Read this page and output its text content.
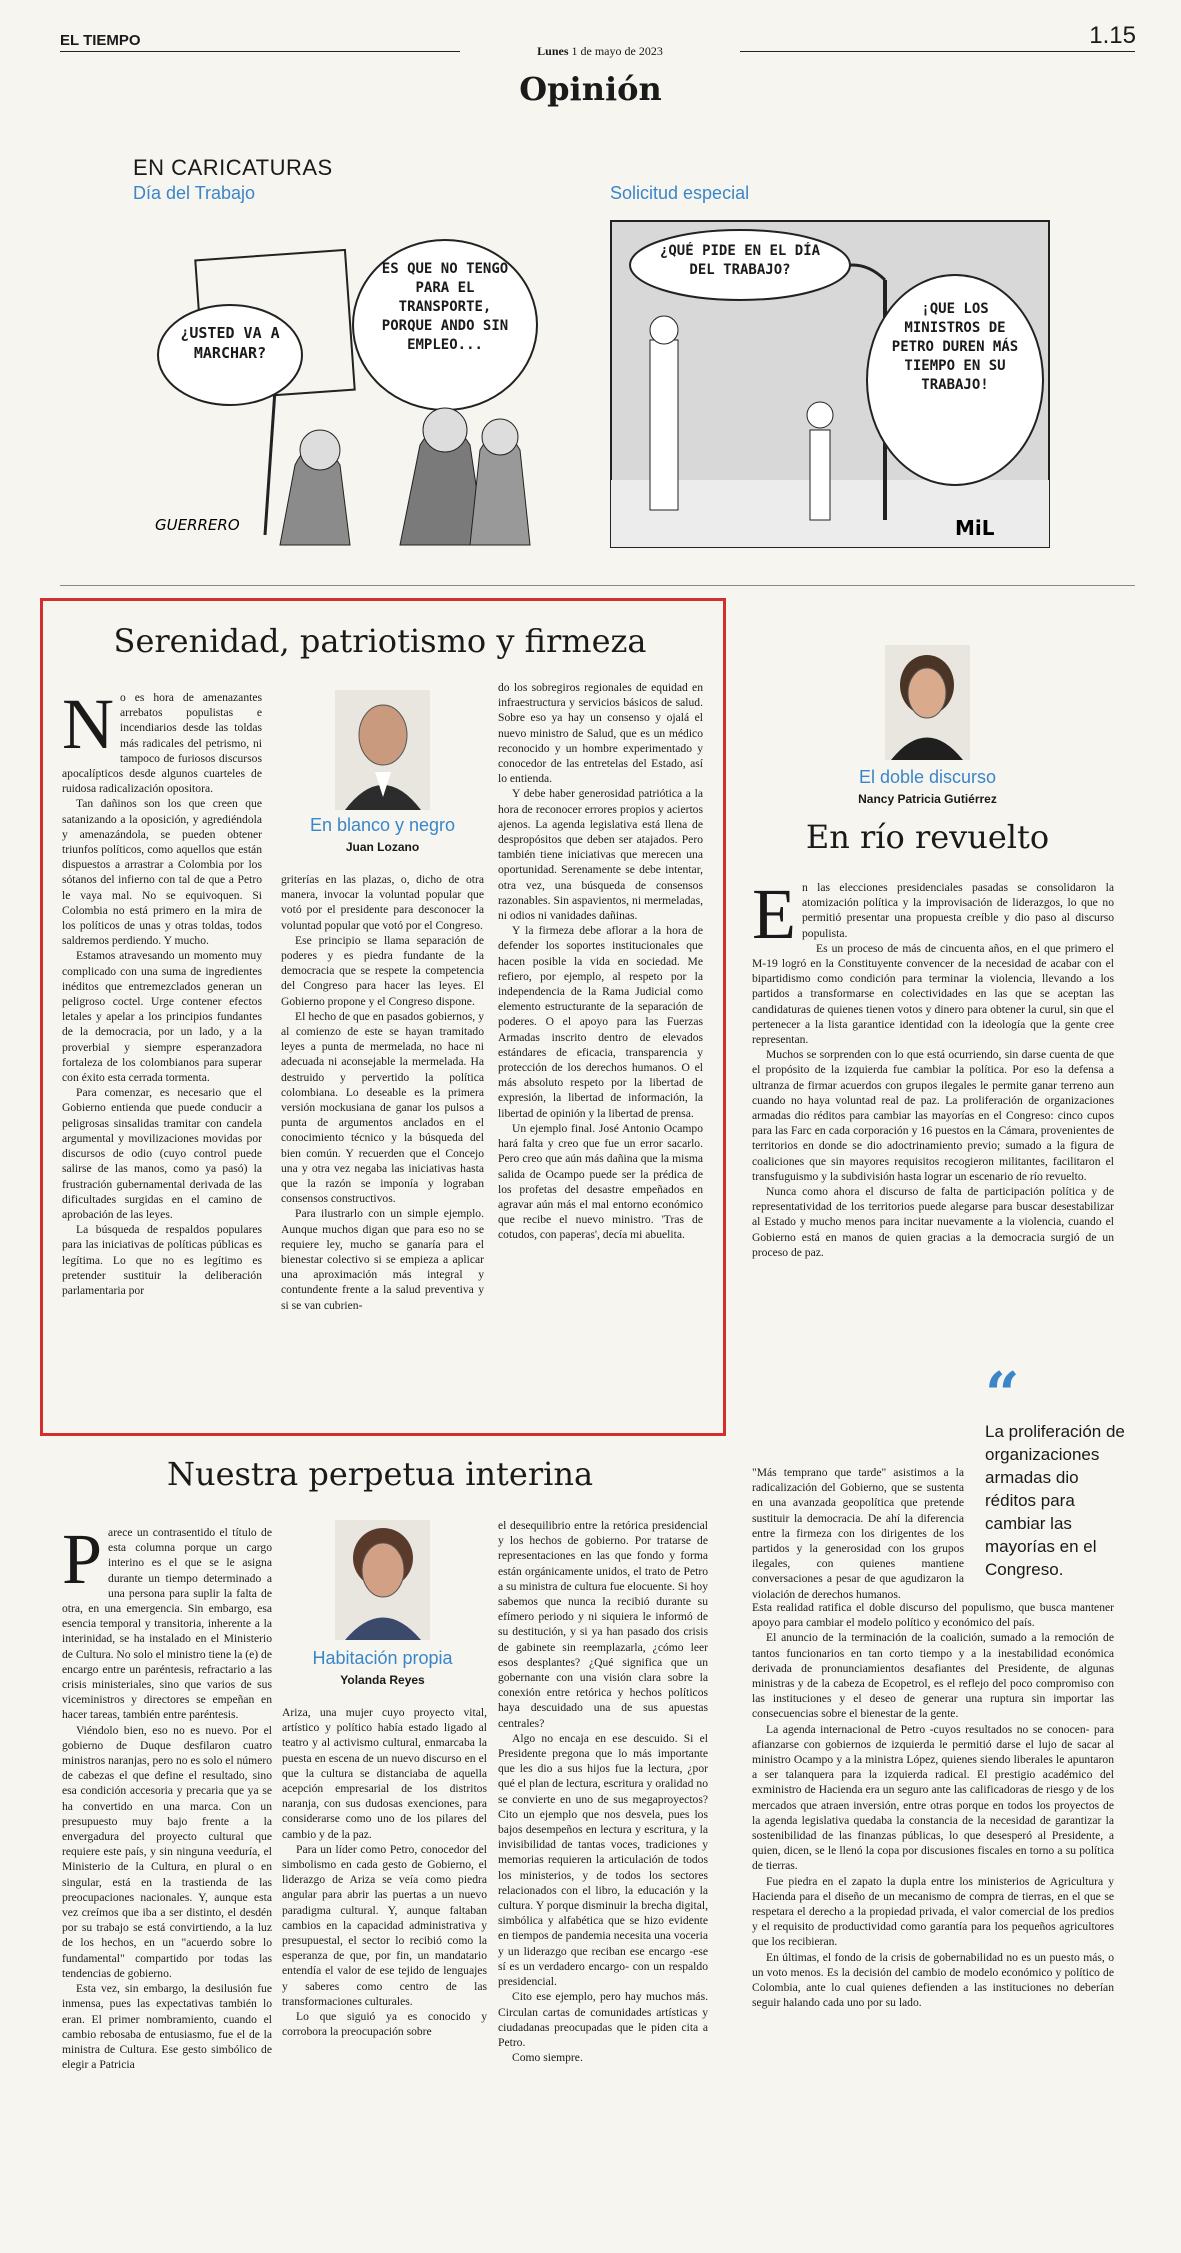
EL TIEMPO
Lunes 1 de mayo de 2023
1.15
Opinión
EN CARICATURAS
Día del Trabajo	Solicitud especial
¿USTED VA A MARCHAR?
ES QUE NO TENGO PARA EL TRANSPORTE, PORQUE ANDO SIN EMPLEO...
GUERRERO
¿QUÉ PIDE EN EL DÍA DEL TRABAJO?
¡QUE LOS MINISTROS DE PETRO DUREN MÁS TIEMPO EN SU TRABAJO!
MiL
Serenidad, patriotismo y firmeza
N o es hora de amenazantes arrebatos populistas e incendiarios desde las toldas más radicales del petrismo, ni tampoco de furiosos discursos apocalípticos desde algunos cuarteles de ruidosa radicalización opositora.

Tan dañinos son los que creen que satanizando a la oposición, y agrediéndola y amenazándola, se pueden obtener triunfos políticos, como aquellos que están dispuestos a arrastrar a Colombia por los sótanos del infierno con tal de que a Petro le vaya mal. No se equivoquen. Si Colombia no está primero en la mira de los políticos de unas y otras toldas, todos saldremos perdiendo. Y mucho.

Estamos atravesando un momento muy complicado con una suma de ingredientes inéditos que entremezclados generan un peligroso coctel. Urge contener efectos letales y apelar a los principios fundantes de la democracia, por un lado, y a la proverbial y siempre esperanzadora fortaleza de los colombianos para superar con éxito esta cerrada tormenta.

Para comenzar, es necesario que el Gobierno entienda que puede conducir a peligrosas sinsalidas tramitar con candela argumental y movilizaciones movidas por discursos de odio (cuyo control puede salirse de las manos, como ya pasó) la frustración gubernamental derivada de las dificultades surgidas en el camino de aprobación de las leyes.

La búsqueda de respaldos populares para las iniciativas de políticas públicas es legítima. Lo que no es legítimo es pretender sustituir la deliberación parlamentaria por

En blanco y negro
Juan Lozano

griterías en las plazas, o, dicho de otra manera, invocar la voluntad popular que votó por el presidente para desconocer la voluntad popular que votó por el Congreso.

Ese principio se llama separación de poderes y es piedra fundante de la democracia que se respete la competencia del Congreso para hacer las leyes. El Gobierno propone y el Congreso dispone.

El hecho de que en pasados gobiernos, y al comienzo de este se hayan tramitado leyes a punta de mermelada, no hace ni adecuada ni aconsejable la mermelada. Ha destruido y pervertido la política colombiana. Lo deseable es la primera versión mockusiana de ganar los pulsos a punta de argumentos anclados en el conocimiento técnico y la búsqueda del bien común. Y recuerden que el Concejo una y otra vez negaba las iniciativas hasta que la razón se imponía y lograban consensos constructivos.

Para ilustrarlo con un simple ejemplo. Aunque muchos digan que para eso no se requiere ley, mucho se ganaría para el bienestar colectivo si se empieza a aplicar una aproximación más integral y contundente frente a la salud preventiva y si se van cubrien-

do los sobregiros regionales de equidad en infraestructura y servicios básicos de salud. Sobre eso ya hay un consenso y ojalá el nuevo ministro de Salud, que es un médico reconocido y un hombre experimentado y conocedor de las entretelas del Estado, así lo entienda.

Y debe haber generosidad patriótica a la hora de reconocer errores propios y aciertos ajenos. La agenda legislativa está llena de despropósitos que deben ser atajados. Pero también tiene iniciativas que merecen una oportunidad. Serenamente se debe intentar, otra vez, una búsqueda de consensos razonables. Sin aspavientos, ni mermeladas, ni odios ni vanidades dañinas.

Y la firmeza debe aflorar a la hora de defender los soportes institucionales que hacen posible la vida en sociedad. Me refiero, por ejemplo, al respeto por la independencia de la Rama Judicial como elemento estructurante de la separación de poderes. O el apoyo para las Fuerzas Armadas inscrito dentro de elevados estándares de eficacia, transparencia y protección de los derechos humanos. O el más absoluto respeto por la libertad de expresión, la libertad de información, la libertad de opinión y la libertad de prensa.

Un ejemplo final. José Antonio Ocampo hará falta y creo que fue un error sacarlo. Pero creo que aún más dañina que la misma salida de Ocampo puede ser la prédica de los profetas del desastre empeñados en agravar aún más el mal entorno económico que recibe el nuevo ministro. 'Tras de cotudos, con paperas', decía mi abuelita.

Nuestra perpetua interina
P arece un contrasentido el título de esta columna porque un cargo interino es el que se le asigna durante un tiempo determinado a una persona para suplir la falta de otra, en una emergencia. Sin embargo, esa esencia temporal y transitoria, inherente a la interinidad, se ha instalado en el Ministerio de Cultura. No solo el ministro tiene la (e) de encargo entre un paréntesis, refractario a las crisis ministeriales, sino que varios de sus viceministros y directores se empeñan en hacer tareas, también entre paréntesis.

Viéndolo bien, eso no es nuevo. Por el gobierno de Duque desfilaron cuatro ministros naranjas, pero no es solo el número de cabezas el que define el resultado, sino esa condición accesoria y precaria que ya se ha convertido en una marca. Con un presupuesto muy bajo frente a la envergadura del proyecto cultural que requiere este país, y sin ninguna veeduría, el Ministerio de la Cultura, en plural o en singular, está en la trastienda de las preocupaciones nacionales. Y, aunque esta vez creímos que iba a ser distinto, el desdén por su trabajo se está convirtiendo, a la luz de los hechos, en un "acuerdo sobre lo fundamental" compartido por todas las tendencias de gobierno.

Esta vez, sin embargo, la desilusión fue inmensa, pues las expectativas también lo eran. El primer nombramiento, cuando el cambio rebosaba de entusiasmo, fue el de la ministra de Cultura. Ese gesto simbólico de elegir a Patricia

Habitación propia
Yolanda Reyes

Ariza, una mujer cuyo proyecto vital, artístico y político había estado ligado al teatro y al activismo cultural, enmarcaba la puesta en escena de un nuevo discurso en el que la cultura se distanciaba de aquella acepción empresarial de los distritos naranja, con sus dudosas exenciones, para considerarse como uno de los pilares del cambio y de la paz.

Para un líder como Petro, conocedor del simbolismo en cada gesto de Gobierno, el liderazgo de Ariza se veía como piedra angular para abrir las puertas a un nuevo paradigma cultural. Y, aunque faltaban cambios en la capacidad administrativa y presupuestal, el sector lo recibió como la esperanza de que, por fin, un mandatario entendía el valor de ese tejido de lenguajes y saberes como centro de las transformaciones culturales.

Lo que siguió ya es conocido y corrobora la preocupación sobre

el desequilibrio entre la retórica presidencial y los hechos de gobierno. Por tratarse de representaciones en las que fondo y forma están orgánicamente unidos, el trato de Petro a su ministra de cultura fue elocuente. Si hoy sabemos que nunca la recibió durante su efímero periodo y ni siquiera le informó de su destitución, y si ya han pasado dos crisis de gabinete sin reemplazarla, ¿cómo leer esos desplantes? ¿Qué significa que un gobernante con una visión clara sobre la conexión entre retórica y hechos políticos haya descuidado una de sus apuestas centrales?

Algo no encaja en ese descuido. Si el Presidente pregona que lo más importante que les dio a sus hijos fue la lectura, ¿por qué el plan de lectura, escritura y oralidad no se convierte en uno de sus megaproyectos? Cito un ejemplo que nos desvela, pues los bajos desempeños en lectura y escritura, y la invisibilidad de tantas voces, tradiciones y memorias requieren la articulación de todos los ministerios, y de todos los sectores relacionados con el libro, la educación y la cultura. Y porque disminuir la brecha digital, simbólica y alfabética que se hizo evidente en tiempos de pandemia necesita una voceria y un liderazgo que reciban ese encargo -ese sí es un verdadero encargo- con un respaldo presidencial.

Cito ese ejemplo, pero hay muchos más. Circulan cartas de comunidades artísticas y ciudadanas preocupadas que le piden cita a Petro.

Como siempre.

El doble discurso
Nancy Patricia Gutiérrez
En río revuelto
E n las elecciones presidenciales pasadas se consolidaron la atomización política y la improvisación de liderazgos, lo que no permitió presentar una propuesta creíble y dio paso al discurso populista.

Es un proceso de más de cincuenta años, en el que primero el M-19 logró en la Constituyente convencer de la necesidad de acabar con el bipartidismo como condición para terminar la violencia, llevando a los partidos a transformarse en colectividades en las que se aceptan las candidaturas de quienes tienen votos y dinero para obtener la curul, sin que el pertenecer a la lista garantice identidad con la ideología que la gente cree representan.

Muchos se sorprenden con lo que está ocurriendo, sin darse cuenta de que el propósito de la izquierda fue cambiar la política. Por eso la defensa a ultranza de firmar acuerdos con grupos ilegales le permite ganar terreno aun cuando no haya voluntad real de paz. La proliferación de organizaciones armadas dio réditos para cambiar las mayorías en el Congreso: cinco cupos para las Farc en cada corporación y 16 puestos en la Cámara, provenientes de territorios en donde se dio adoctrinamiento previo; sumado a la figura de coaliciones que sin mayores requisitos recogieron militantes, facilitaron el transfuguismo y la subdivisión hasta lograr un escenario de río revuelto.

Nunca como ahora el discurso de falta de participación política y de representatividad de los territorios puede alegarse para buscar desestabilizar al Estado y mucho menos para incitar nuevamente a la violencia, cuando el Gobierno está en manos de quien gracias a la democracia surgió de un proceso de paz.

"Más temprano que tarde" asistimos a la radicalización del Gobierno, que se sustenta en una avanzada geopolítica que pretende sustituir la democracia. De ahí la diferencia entre la firmeza con los dirigentes de los partidos y la generosidad con los grupos ilegales, con quienes mantiene conversaciones a pesar de que agudizaron la violación de derechos humanos.

“
La proliferación de organizaciones armadas dio réditos para cambiar las mayorías en el Congreso.

Esta realidad ratifica el doble discurso del populismo, que busca mantener apoyo para cambiar el modelo político y económico del país.

El anuncio de la terminación de la coalición, sumado a la remoción de tantos funcionarios en tan corto tiempo y a la inestabilidad económica derivada de pronunciamientos desafiantes del Presidente, de algunas ministras y de la cabeza de Ecopetrol, es el reflejo del poco compromiso con las instituciones y el deseo de generar una ruptura sin importar las consecuencias sobre el bienestar de la gente.

La agenda internacional de Petro -cuyos resultados no se conocen- para afianzarse con gobiernos de izquierda le permitió darse el lujo de sacar al ministro Ocampo y a la ministra López, quienes siendo liberales le apuntaron a ser talanquera para la izquierda radical. El prestigio académico del exministro de Hacienda era un seguro ante las calificadoras de riesgo y de los mercados que atraen inversión, entre otras porque en todos los proyectos de la agenda legislativa quedaba la constancia de la necesidad de garantizar la sostenibilidad de las finanzas públicas, lo que desesperó al Presidente, a quien, dicen, se le llenó la copa por discusiones fiscales en torno a su política de tierras.

Fue piedra en el zapato la dupla entre los ministerios de Agricultura y Hacienda para el diseño de un mecanismo de compra de tierras, en el que se respetara el derecho a la propiedad privada, el valor comercial de los predios y el requisito de productividad como garantía para los pequeños agricultores que los recibieran.

En últimas, el fondo de la crisis de gobernabilidad no es un puesto más, o un voto menos. Es la decisión del cambio de modelo económico y político de Colombia, ante lo cual quienes defienden a las instituciones no deberían seguir halando cada uno por su lado.
